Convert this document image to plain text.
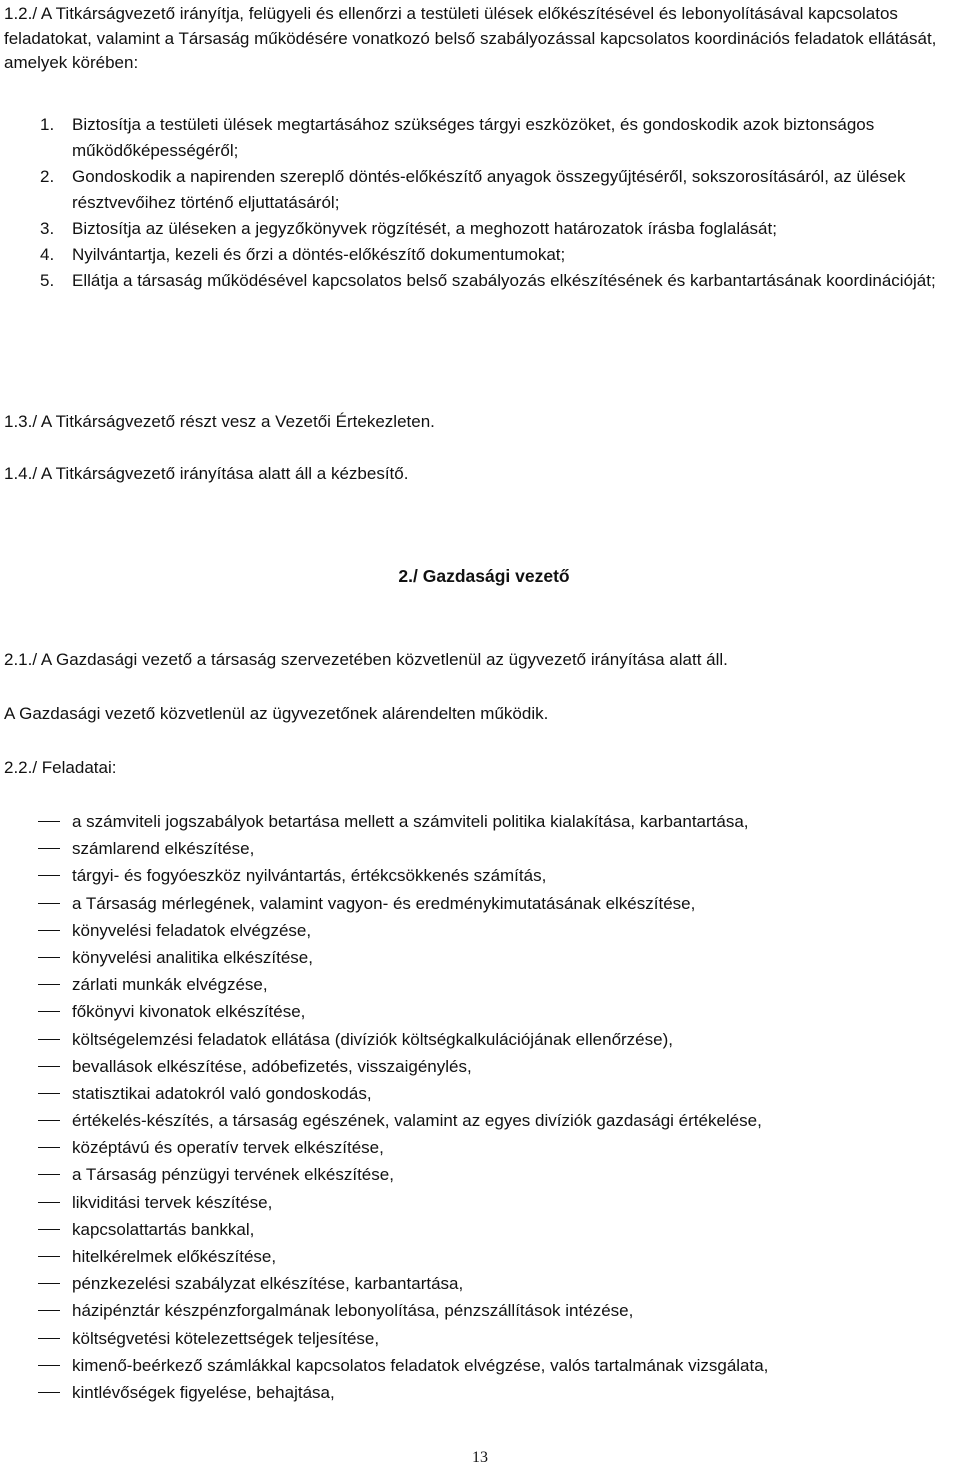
1.2./ A Titkárságvezető irányítja, felügyeli és ellenőrzi a testületi ülések előkészítésével és lebonyolításával kapcsolatos feladatokat, valamint a Társaság működésére vonatkozó belső szabályozással kapcsolatos koordinációs feladatok ellátását, amelyek körében:

1. Biztosítja a testületi ülések megtartásához szükséges tárgyi eszközöket, és gondoskodik azok biztonságos működőképességéről;
2. Gondoskodik a napirenden szereplő döntés-előkészítő anyagok összegyűjtéséről, sokszorosításáról, az ülések résztvevőihez történő eljuttatásáról;
3. Biztosítja az üléseken a jegyzőkönyvek rögzítését, a meghozott határozatok írásba foglalását;
4. Nyilvántartja, kezeli és őrzi a döntés-előkészítő dokumentumokat;
5. Ellátja a társaság működésével kapcsolatos belső szabályozás elkészítésének és karbantartásának koordinációját;

1.3./ A Titkárságvezető részt vesz a Vezetői Értekezleten.

1.4./ A Titkárságvezető irányítása alatt áll a kézbesítő.

2./ Gazdasági vezető

2.1./ A Gazdasági vezető a társaság szervezetében közvetlenül az ügyvezető irányítása alatt áll.

A Gazdasági vezető közvetlenül az ügyvezetőnek alárendelten működik.

2.2./ Feladatai:

a számviteli jogszabályok betartása mellett a számviteli politika kialakítása, karbantartása,
számlarend elkészítése,
tárgyi- és fogyóeszköz nyilvántartás, értékcsökkenés számítás,
a Társaság mérlegének, valamint vagyon- és eredménykimutatásának elkészítése,
könyvelési feladatok elvégzése,
könyvelési analitika elkészítése,
zárlati munkák elvégzése,
főkönyvi kivonatok elkészítése,
költségelemzési feladatok ellátása (divíziók költségkalkulációjának ellenőrzése),
bevallások elkészítése, adóbefizetés, visszaigénylés,
statisztikai adatokról való gondoskodás,
értékelés-készítés, a társaság egészének, valamint az egyes divíziók gazdasági értékelése,
középtávú és operatív tervek elkészítése,
a Társaság pénzügyi tervének elkészítése,
likviditási tervek készítése,
kapcsolattartás bankkal,
hitelkérelmek előkészítése,
pénzkezelési szabályzat elkészítése, karbantartása,
házipénztár készpénzforgalmának lebonyolítása, pénzszállítások intézése,
költségvetési kötelezettségek teljesítése,
kimenő-beérkező számlákkal kapcsolatos feladatok elvégzése, valós tartalmának vizsgálata,
kintlévőségek figyelése, behajtása,
13
